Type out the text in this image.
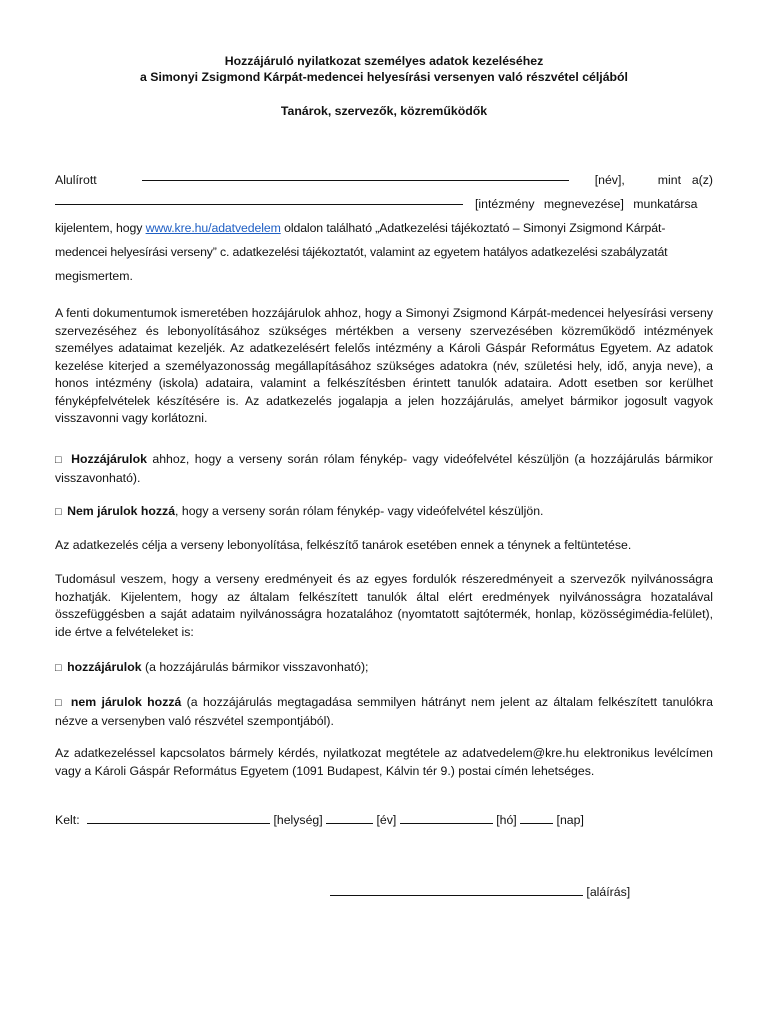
Hozzájáruló nyilatkozat személyes adatok kezeléséhez
a Simonyi Zsigmond Kárpát-medencei helyesírási versenyen való részvétel céljából
Tanárok, szervezők, közreműködők
Alulírott	[név],	mint a(z)
[intézmény megnevezése] munkatársa
kijelentem, hogy www.kre.hu/adatvedelem oldalon található „Adatkezelési tájékoztató – Simonyi Zsigmond Kárpát-
medencei helyesírási verseny” c. adatkezelési tájékoztatót, valamint az egyetem hatályos adatkezelési szabályzatát
megismertem.
A fenti dokumentumok ismeretében hozzájárulok ahhoz, hogy a Simonyi Zsigmond Kárpát-medencei helyesírási verseny szervezéséhez és lebonyolításához szükséges mértékben a verseny szervezésében közreműködő intézmények személyes adataimat kezeljék. Az adatkezelésért felelős intézmény a Károli Gáspár Református Egyetem. Az adatok kezelése kiterjed a személyazonosság megállapításához szükséges adatokra (név, születési hely, idő, anyja neve), a honos intézmény (iskola) adataira, valamint a felkészítésben érintett tanulók adataira. Adott esetben sor kerülhet fényképfelvételek készítésére is. Az adatkezelés jogalapja a jelen hozzájárulás, amelyet bármikor jogosult vagyok visszavonni vagy korlátozni.
□ Hozzájárulok ahhoz, hogy a verseny során rólam fénykép- vagy videófelvétel készüljön (a hozzájárulás bármikor visszavonható).
□ Nem járulok hozzá, hogy a verseny során rólam fénykép- vagy videófelvétel készüljön.
Az adatkezelés célja a verseny lebonyolítása, felkészítő tanárok esetében ennek a ténynek a feltüntetése.
Tudomásul veszem, hogy a verseny eredményeit és az egyes fordulók részeredményeit a szervezők nyilvánosságra hozhatják. Kijelentem, hogy az általam felkészített tanulók által elért eredmények nyilvánosságra hozatalával összefüggésben a saját adataim nyilvánosságra hozatalához (nyomtatott sajtótermék, honlap, közösségimédia-felület), ide értve a felvételeket is:
□ hozzájárulok (a hozzájárulás bármikor visszavonható);
□ nem járulok hozzá (a hozzájárulás megtagadása semmilyen hátrányt nem jelent az általam felkészített tanulókra nézve a versenyben való részvétel szempontjából).
Az adatkezeléssel kapcsolatos bármely kérdés, nyilatkozat megtétele az adatvedelem@kre.hu elektronikus levélcímen vagy a Károli Gáspár Református Egyetem (1091 Budapest, Kálvin tér 9.) postai címén lehetséges.
Kelt:	[helység]	[év]	[hó]	[nap]
[aláírás]
